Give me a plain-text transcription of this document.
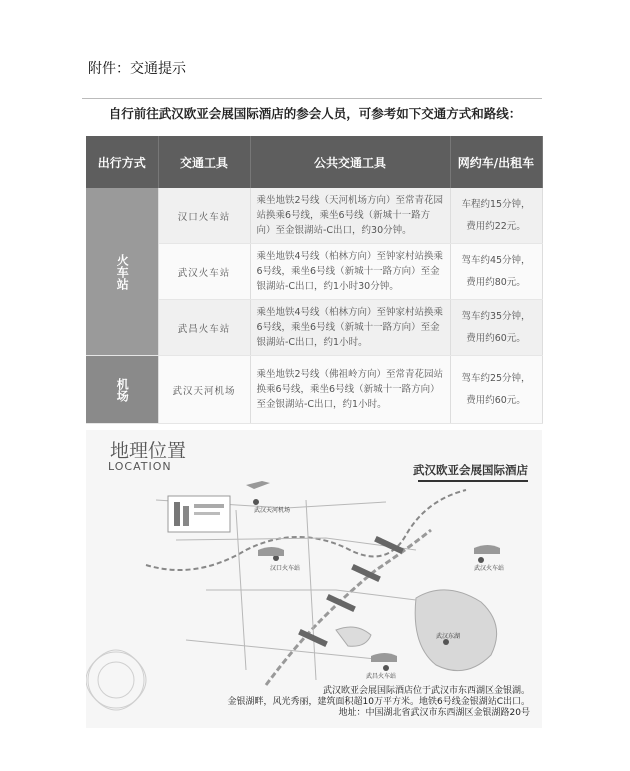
附件：交通提示
自行前往武汉欧亚会展国际酒店的参会人员，可参考如下交通方式和路线：
出行方式	交通工具	公共交通工具	网约车/出租车
火车站	汉口火车站	乘坐地铁2号线（天河机场方向）至常青花园站换乘6号线，乘坐6号线（新城十一路方向）至金银湖站-C出口，约30分钟。	车程约15分钟，
费用约22元。

	武汉火车站	乘坐地铁4号线（柏林方向）至钟家村站换乘6号线，乘坐6号线（新城十一路方向）至金银湖站-C出口，约1小时30分钟。	驾车约45分钟，
费用约80元。

	武昌火车站	乘坐地铁4号线（柏林方向）至钟家村站换乘6号线，乘坐6号线（新城十一路方向）至金银湖站-C出口，约1小时。	驾车约35分钟，
费用约60元。

机场	武汉天河机场	乘坐地铁2号线（佛祖岭方向）至常青花园站换乘6号线，乘坐6号线（新城十一路方向）至金银湖站-C出口，约1小时。	驾车约25分钟，
费用约60元。
武汉天河机场
汉口火车站	武汉火车站
武昌火车站
武汉东湖
地理位置
LOCATION	武汉欧亚会展国际酒店
武汉欧亚会展国际酒店位于武汉市东西湖区金银湖。
金银湖畔，风光秀丽，建筑面积超10万平方米。地铁6号线金银湖站C出口。
地址：中国湖北省武汉市东西湖区金银湖路20号
